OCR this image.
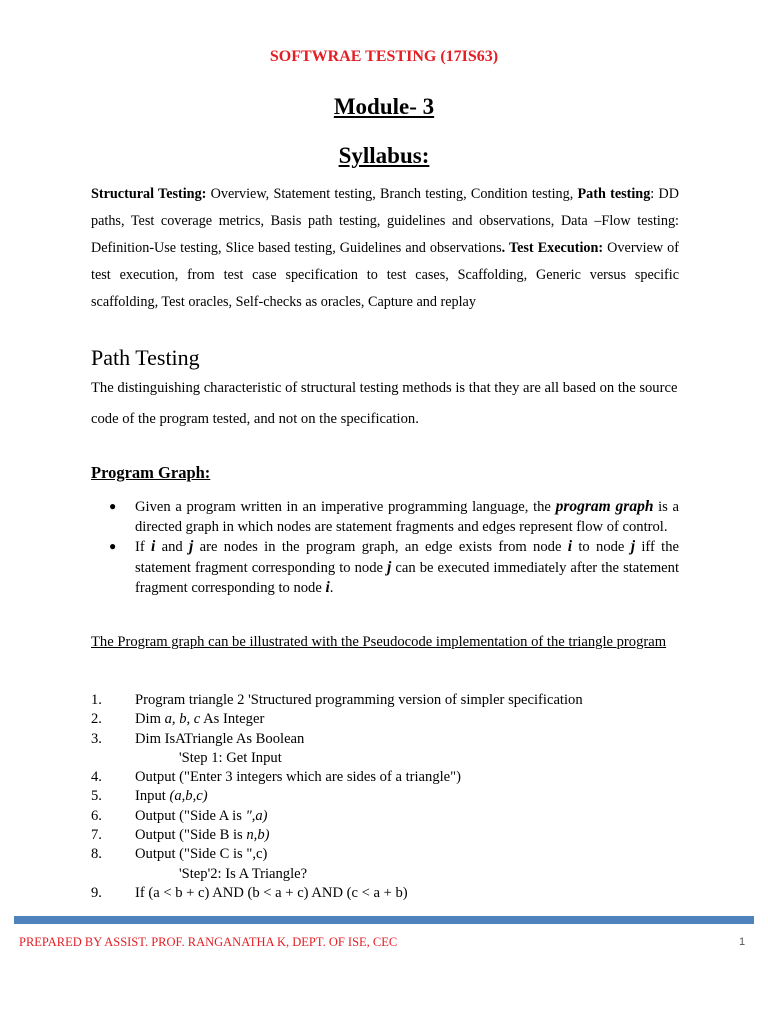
SOFTWRAE TESTING (17IS63)
Module- 3
Syllabus:
Structural Testing: Overview, Statement testing, Branch testing, Condition testing, Path testing: DD paths, Test coverage metrics, Basis path testing, guidelines and observations, Data –Flow testing: Definition-Use testing, Slice based testing, Guidelines and observations. Test Execution: Overview of test execution, from test case specification to test cases, Scaffolding, Generic versus specific scaffolding, Test oracles, Self-checks as oracles, Capture and replay
Path Testing
The distinguishing characteristic of structural testing methods is that they are all based on the source code of the program tested, and not on the specification.
Program Graph:
● Given a program written in an imperative programming language, the program graph is a directed graph in which nodes are statement fragments and edges represent flow of control.
● If i and j are nodes in the program graph, an edge exists from node i to node j iff the statement fragment corresponding to node j can be executed immediately after the statement fragment corresponding to node i.
The Program graph can be illustrated with the Pseudocode implementation of the triangle program
1.	Program triangle 2 'Structured programming version of simpler specification
2.	Dim a, b, c As Integer
3.	Dim IsATriangle As Boolean
'Step 1: Get Input
4.	Output ("Enter 3 integers which are sides of a triangle")
5.	Input (a,b,c)
6.	Output ("Side A is ",a)
7.	Output ("Side B is n,b)
8.	Output ("Side C is ",c)
'Step'2: Is A Triangle?
9.	If (a < b + c) AND (b < a + c) AND (c < a + b)
PREPARED BY ASSIST. PROF. RANGANATHA K, DEPT. OF ISE, CEC	1
